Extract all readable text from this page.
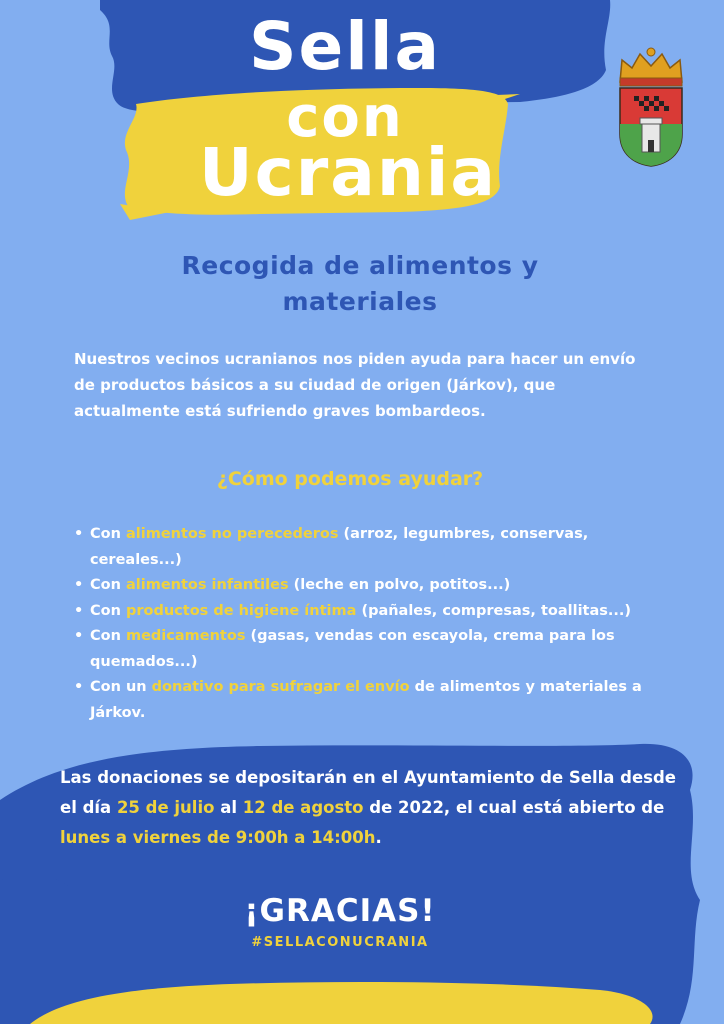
Sella
con
Ucrania
Recogida de alimentos y materiales
Nuestros vecinos ucranianos nos piden ayuda para hacer un envío de productos básicos a su ciudad de origen (Járkov), que actualmente está sufriendo graves bombardeos.
¿Cómo podemos ayudar?
• Con alimentos no perecederos (arroz, legumbres, conservas, cereales...)
• Con alimentos infantiles (leche en polvo, potitos...)
• Con productos de higiene íntima (pañales, compresas, toallitas...)
• Con medicamentos (gasas, vendas con escayola, crema para los quemados...)
• Con un donativo para sufragar el envío de alimentos y materiales a Járkov.
Las donaciones se depositarán en el Ayuntamiento de Sella desde el día 25 de julio al 12 de agosto de 2022, el cual está abierto de lunes a viernes de 9:00h a 14:00h.
¡GRACIAS!
#SELLACONUCRANIA
